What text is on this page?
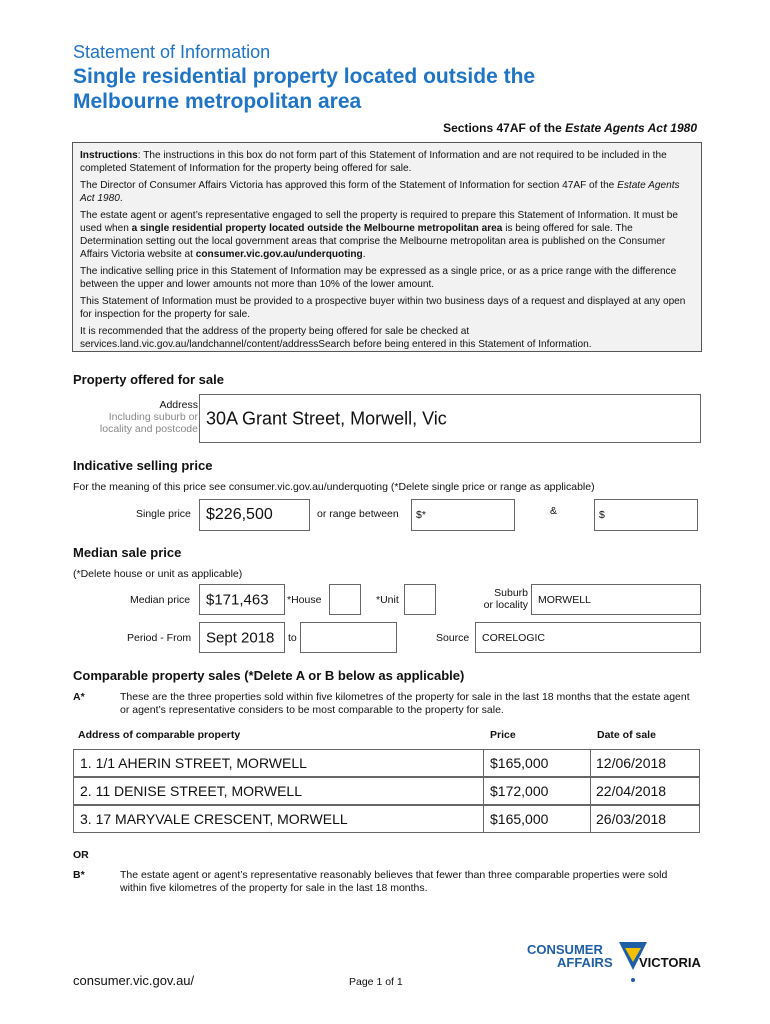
Statement of Information
Single residential property located outside the
Melbourne metropolitan area
Sections 47AF of the Estate Agents Act 1980

Instructions: The instructions in this box do not form part of this Statement of Information and are not required to be included in the completed Statement of Information for the property being offered for sale.

The Director of Consumer Affairs Victoria has approved this form of the Statement of Information for section 47AF of the Estate Agents Act 1980.

The estate agent or agent’s representative engaged to sell the property is required to prepare this Statement of Information. It must be used when a single residential property located outside the Melbourne metropolitan area is being offered for sale. The Determination setting out the local government areas that comprise the Melbourne metropolitan area is published on the Consumer Affairs Victoria website at consumer.vic.gov.au/underquoting.

The indicative selling price in this Statement of Information may be expressed as a single price, or as a price range with the difference between the upper and lower amounts not more than 10% of the lower amount.

This Statement of Information must be provided to a prospective buyer within two business days of a request and displayed at any open for inspection for the property for sale.

It is recommended that the address of the property being offered for sale be checked at services.land.vic.gov.au/landchannel/content/addressSearch before being entered in this Statement of Information.

Property offered for sale
Address
Including suburb or
locality and postcode
30A Grant Street, Morwell, Vic
Indicative selling price
For the meaning of this price see consumer.vic.gov.au/underquoting (*Delete single price or range as applicable)
Single price $226,500	or range between $*	&	$
Median sale price
(*Delete house or unit as applicable)
Median price $171,463 *House	*Unit
Suburb
or locality MORWELL
Period - From Sept 2018 to	Source CORELOGIC
Comparable property sales (*Delete A or B below as applicable)
A*	These are the three properties sold within five kilometres of the property for sale in the last 18 months that the estate agent or agent’s representative considers to be most comparable to the property for sale.
Address of comparable property	Price	Date of sale
1. 1/1 AHERIN STREET, MORWELL	$165,000	12/06/2018
2. 11 DENISE STREET, MORWELL	$172,000	22/04/2018
3. 17 MARYVALE CRESCENT, MORWELL	$165,000	26/03/2018
OR
B*	The estate agent or agent’s representative reasonably believes that fewer than three comparable properties were sold within five kilometres of the property for sale in the last 18 months.
consumer.vic.gov.au/	Page 1 of 1
CONSUMER
AFFAIRS VICTORIA
